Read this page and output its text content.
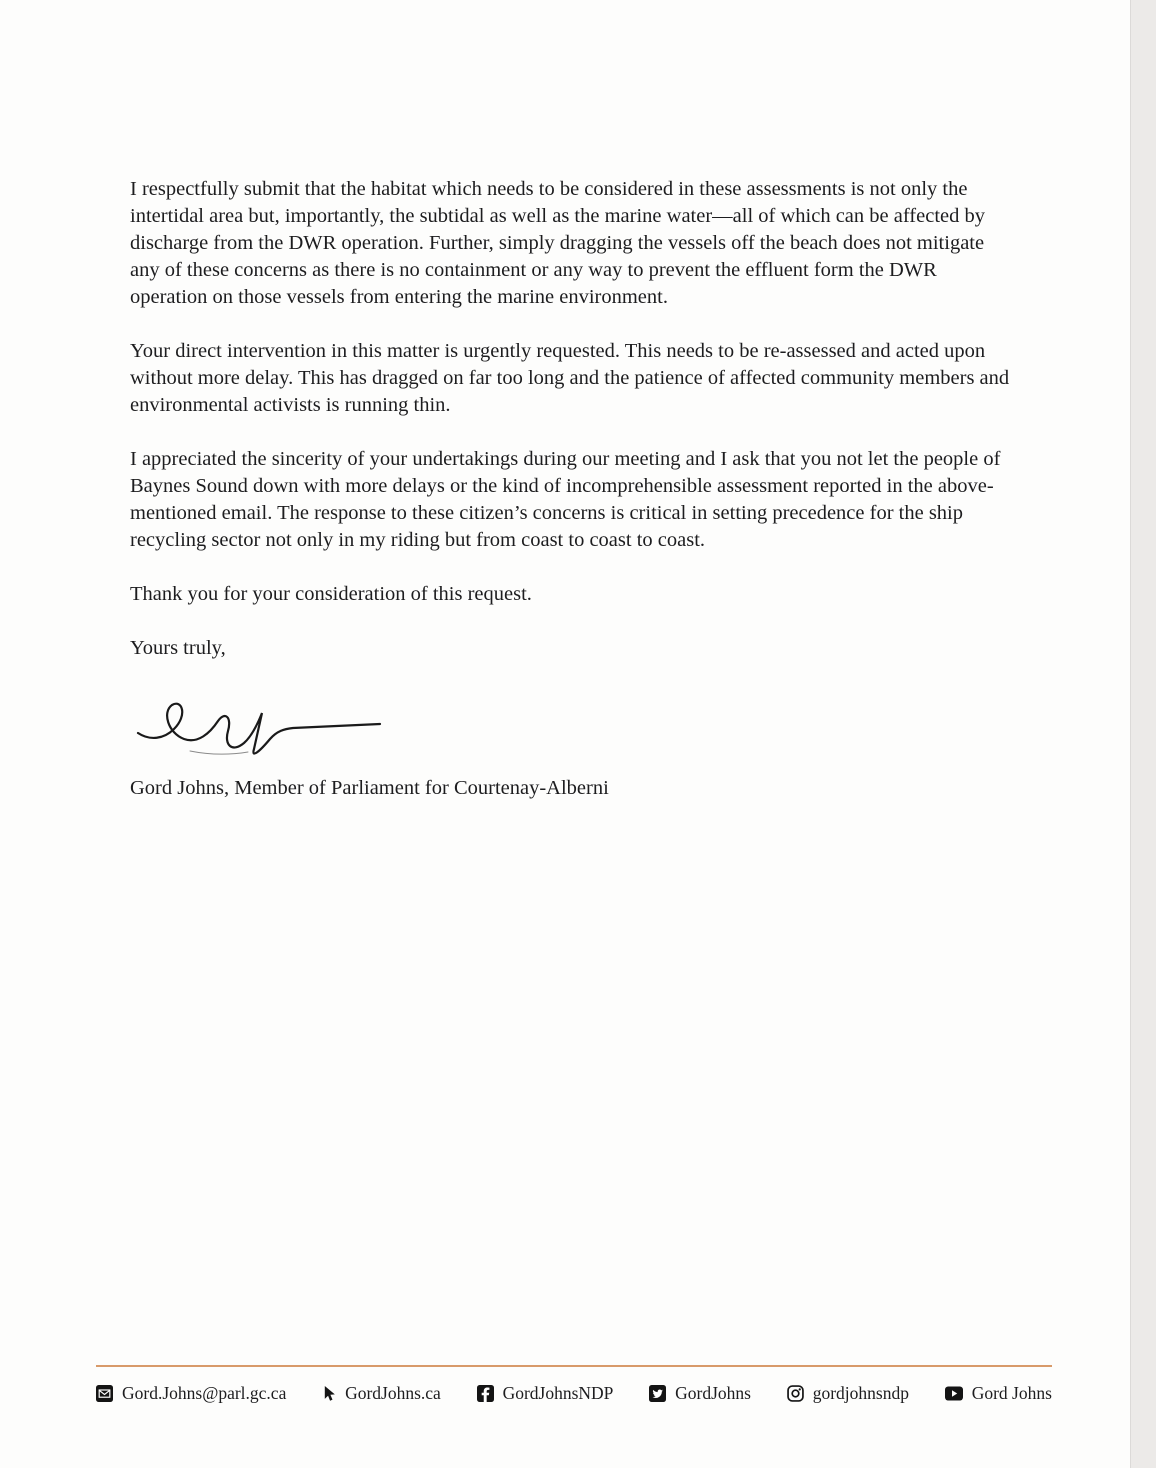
I respectfully submit that the habitat which needs to be considered in these assessments is not only the intertidal area but, importantly, the subtidal as well as the marine water—all of which can be affected by discharge from the DWR operation. Further, simply dragging the vessels off the beach does not mitigate any of these concerns as there is no containment or any way to prevent the effluent form the DWR operation on those vessels from entering the marine environment.

Your direct intervention in this matter is urgently requested. This needs to be re-assessed and acted upon without more delay. This has dragged on far too long and the patience of affected community members and environmental activists is running thin.

I appreciated the sincerity of your undertakings during our meeting and I ask that you not let the people of Baynes Sound down with more delays or the kind of incomprehensible assessment reported in the above-mentioned email. The response to these citizen’s concerns is critical in setting precedence for the ship recycling sector not only in my riding but from coast to coast to coast.

Thank you for your consideration of this request.

Yours truly,

Gord Johns, Member of Parliament for Courtenay-Alberni

Gord.Johns@parl.gc.ca	GordJohns.ca	GordJohnsNDP	GordJohns	gordjohnsndp	Gord Johns
